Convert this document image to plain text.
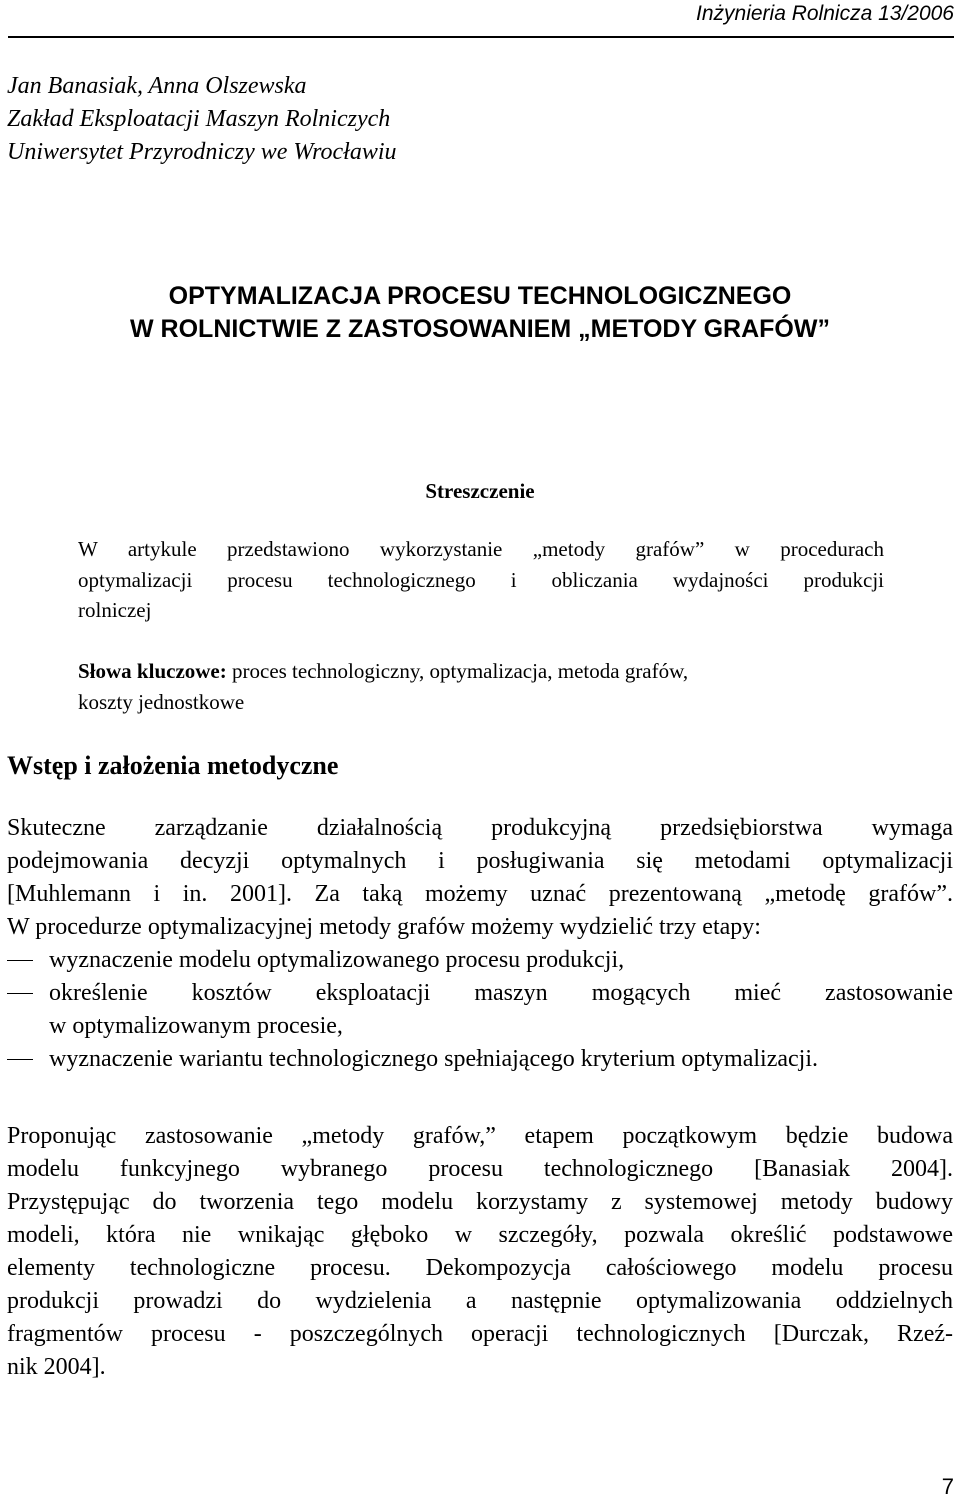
Inżynieria Rolnicza 13/2006
Jan Banasiak, Anna Olszewska
Zakład Eksploatacji Maszyn Rolniczych
Uniwersytet Przyrodniczy we Wrocławiu
OPTYMALIZACJA PROCESU TECHNOLOGICZNEGO
W ROLNICTWIE Z ZASTOSOWANIEM „METODY GRAFÓW”
Streszczenie
W artykule przedstawiono wykorzystanie „metody grafów” w procedurach
optymalizacji procesu technologicznego i obliczania wydajności produkcji
rolniczej
Słowa kluczowe: proces technologiczny, optymalizacja, metoda grafów,
koszty jednostkowe
Wstęp i założenia metodyczne
Skuteczne zarządzanie działalnością produkcyjną przedsiębiorstwa wymaga
podejmowania decyzji optymalnych i posługiwania się metodami optymalizacji
[Muhlemann i in. 2001]. Za taką możemy uznać prezentowaną „metodę grafów”.
W procedurze optymalizacyjnej metody grafów możemy wydzielić trzy etapy:
wyznaczenie modelu optymalizowanego procesu produkcji,
określenie kosztów eksploatacji maszyn mogących mieć zastosowanie
w optymalizowanym procesie,
wyznaczenie wariantu technologicznego spełniającego kryterium optymalizacji.
Proponując zastosowanie „metody grafów,” etapem początkowym będzie budowa
modelu funkcyjnego wybranego procesu technologicznego [Banasiak 2004].
Przystępując do tworzenia tego modelu korzystamy z systemowej metody budowy
modeli, która nie wnikając głęboko w szczegóły, pozwala określić podstawowe
elementy technologiczne procesu. Dekompozycja całościowego modelu procesu
produkcji prowadzi do wydzielenia a następnie optymalizowania oddzielnych
fragmentów procesu - poszczególnych operacji technologicznych [Durczak, Rzeź-
nik 2004].
7
